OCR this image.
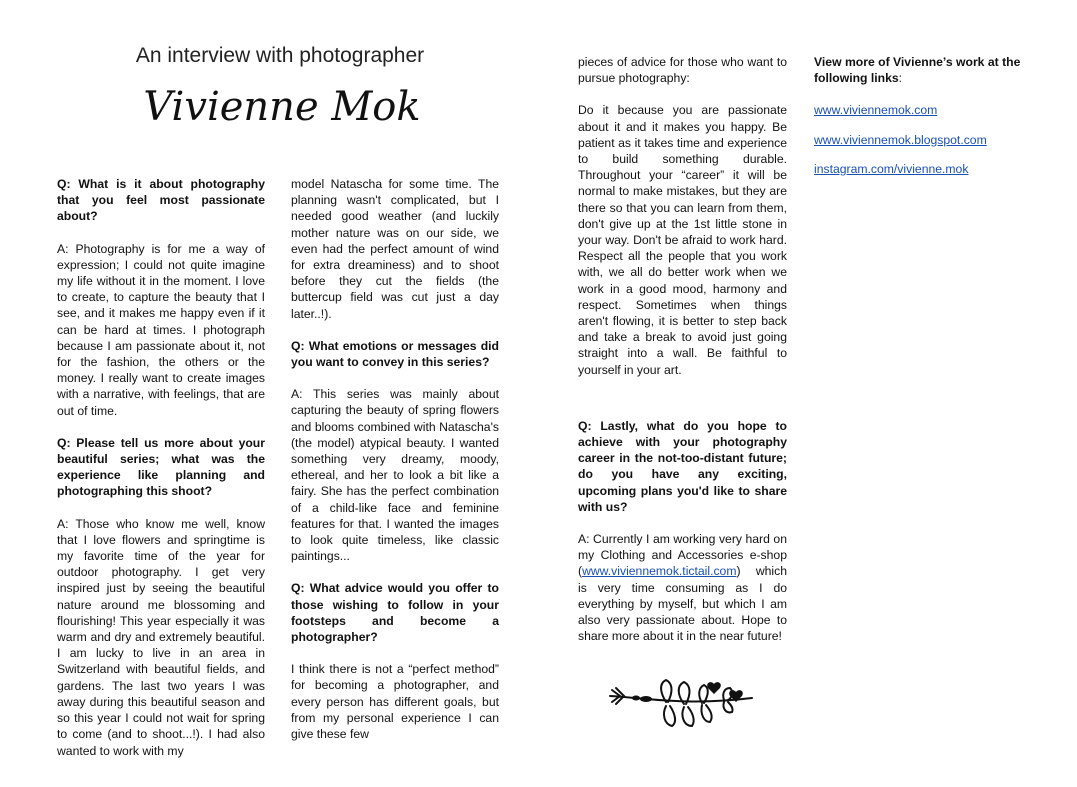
An interview with photographer
Vivienne Mok

Q: What is it about photography that you feel most passionate about?

A: Photography is for me a way of expression; I could not quite imagine my life without it in the moment. I love to create, to capture the beauty that I see, and it makes me happy even if it can be hard at times. I photograph because I am passionate about it, not for the fashion, the others or the money. I really want to create images with a narrative, with feelings, that are out of time.

Q: Please tell us more about your beautiful series; what was the experience like planning and photographing this shoot?

A: Those who know me well, know that I love flowers and springtime is my favorite time of the year for outdoor photography. I get very inspired just by seeing the beautiful nature around me blossoming and flourishing! This year especially it was warm and dry and extremely beautiful. I am lucky to live in an area in Switzerland with beautiful fields, and gardens. The last two years I was away during this beautiful season and so this year I could not wait for spring to come (and to shoot...!). I had also wanted to work with my

model Natascha for some time. The planning wasn't complicated, but I needed good weather (and luckily mother nature was on our side, we even had the perfect amount of wind for extra dreaminess) and to shoot before they cut the fields (the buttercup field was cut just a day later..!).

Q: What emotions or messages did you want to convey in this series?

A: This series was mainly about capturing the beauty of spring flowers and blooms combined with Natascha's (the model) atypical beauty. I wanted something very dreamy, moody, ethereal, and her to look a bit like a fairy. She has the perfect combination of a child-like face and feminine features for that. I wanted the images to look quite timeless, like classic paintings...

Q: What advice would you offer to those wishing to follow in your footsteps and become a photographer?

I think there is not a “perfect method” for becoming a photographer, and every person has different goals, but from my personal experience I can give these few

pieces of advice for those who want to pursue photography:

Do it because you are passionate about it and it makes you happy. Be patient as it takes time and experience to build something durable. Throughout your “career” it will be normal to make mistakes, but they are there so that you can learn from them, don't give up at the 1st little stone in your way. Don't be afraid to work hard. Respect all the people that you work with, we all do better work when we work in a good mood, harmony and respect. Sometimes when things aren't flowing, it is better to step back and take a break to avoid just going straight into a wall. Be faithful to yourself in your art.

Q: Lastly, what do you hope to achieve with your photography career in the not-too-distant future; do you have any exciting, upcoming plans you'd like to share with us?

A: Currently I am working very hard on my Clothing and Accessories e-shop (www.viviennemok.tictail.com) which is very time consuming as I do everything by myself, but which I am also very passionate about. Hope to share more about it in the near future!

View more of Vivienne’s work at the following links:

www.viviennemok.com

www.viviennemok.blogspot.com

instagram.com/vivienne.mok
